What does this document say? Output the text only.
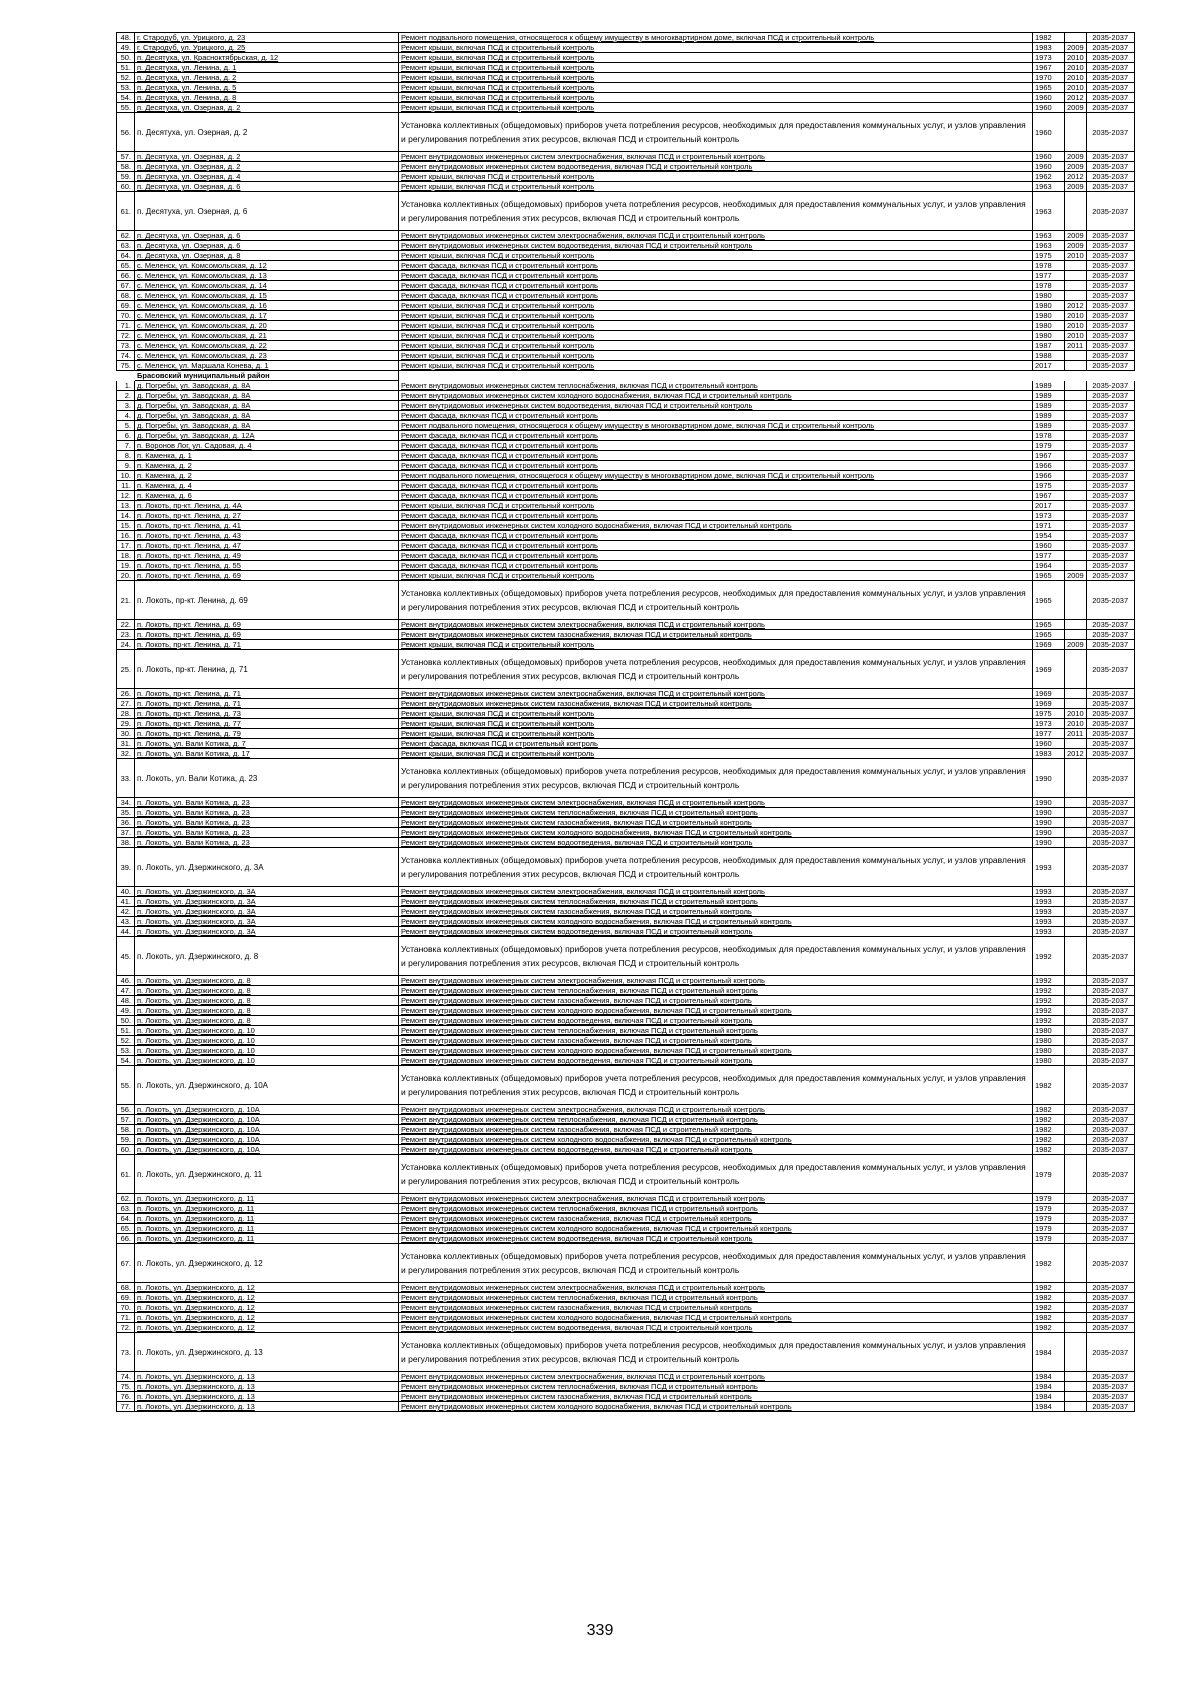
48.	г. Стародуб, ул. Урицкого, д. 23	Ремонт подвального помещения, относящегося к общему имуществу в многоквартирном доме, включая ПСД и строительный контроль	1982		2035-2037
49.	г. Стародуб, ул. Урицкого, д. 25	Ремонт крыши, включая ПСД и строительный контроль	1983	2009	2035-2037
50.	п. Десятуха, ул. Красноктябрьская, д. 12	Ремонт крыши, включая ПСД и строительный контроль	1973	2010	2035-2037
51.	п. Десятуха, ул. Ленина, д. 1	Ремонт крыши, включая ПСД и строительный контроль	1967	2010	2035-2037
52.	п. Десятуха, ул. Ленина, д. 2	Ремонт крыши, включая ПСД и строительный контроль	1970	2010	2035-2037
53.	п. Десятуха, ул. Ленина, д. 5	Ремонт крыши, включая ПСД и строительный контроль	1965	2010	2035-2037
54.	п. Десятуха, ул. Ленина, д. 8	Ремонт крыши, включая ПСД и строительный контроль	1960	2012	2035-2037
55.	п. Десятуха, ул. Озерная, д. 2	Ремонт крыши, включая ПСД и строительный контроль	1960	2009	2035-2037
56.	п. Десятуха, ул. Озерная, д. 2	Установка коллективных (общедомовых) приборов учета потребления ресурсов, необходимых для предоставления коммунальных услуг, и узлов управления и регулирования потребления этих ресурсов, включая ПСД и строительный контроль	1960		2035-2037
57.	п. Десятуха, ул. Озерная, д. 2	Ремонт внутридомовых инженерных систем электроснабжения, включая ПСД и строительный контроль	1960	2009	2035-2037
58.	п. Десятуха, ул. Озерная, д. 2	Ремонт внутридомовых инженерных систем водоотведения, включая ПСД и строительный контроль	1960	2009	2035-2037
59.	п. Десятуха, ул. Озерная, д. 4	Ремонт крыши, включая ПСД и строительный контроль	1962	2012	2035-2037
60.	п. Десятуха, ул. Озерная, д. 6	Ремонт крыши, включая ПСД и строительный контроль	1963	2009	2035-2037
61.	п. Десятуха, ул. Озерная, д. 6	Установка коллективных (общедомовых) приборов учета потребления ресурсов, необходимых для предоставления коммунальных услуг, и узлов управления и регулирования потребления этих ресурсов, включая ПСД и строительный контроль	1963		2035-2037
62.	п. Десятуха, ул. Озерная, д. 6	Ремонт внутридомовых инженерных систем электроснабжения, включая ПСД и строительный контроль	1963	2009	2035-2037
63.	п. Десятуха, ул. Озерная, д. 6	Ремонт внутридомовых инженерных систем водоотведения, включая ПСД и строительный контроль	1963	2009	2035-2037
64.	п. Десятуха, ул. Озерная, д. 8	Ремонт крыши, включая ПСД и строительный контроль	1975	2010	2035-2037
65.	с. Меленск, ул. Комсомольская, д. 12	Ремонт фасада, включая ПСД и строительный контроль	1978		2035-2037
66.	с. Меленск, ул. Комсомольская, д. 13	Ремонт фасада, включая ПСД и строительный контроль	1977		2035-2037
67.	с. Меленск, ул. Комсомольская, д. 14	Ремонт фасада, включая ПСД и строительный контроль	1978		2035-2037
68.	с. Меленск, ул. Комсомольская, д. 15	Ремонт фасада, включая ПСД и строительный контроль	1980		2035-2037
69.	с. Меленск, ул. Комсомольская, д. 16	Ремонт крыши, включая ПСД и строительный контроль	1980	2012	2035-2037
70.	с. Меленск, ул. Комсомольская, д. 17	Ремонт крыши, включая ПСД и строительный контроль	1980	2010	2035-2037
71.	с. Меленск, ул. Комсомольская, д. 20	Ремонт крыши, включая ПСД и строительный контроль	1980	2010	2035-2037
72.	с. Меленск, ул. Комсомольская, д. 21	Ремонт крыши, включая ПСД и строительный контроль	1980	2010	2035-2037
73.	с. Меленск, ул. Комсомольская, д. 22	Ремонт крыши, включая ПСД и строительный контроль	1987	2011	2035-2037
74.	с. Меленск, ул. Комсомольская, д. 23	Ремонт крыши, включая ПСД и строительный контроль	1988		2035-2037
75.	с. Меленск, ул. Маршала Конева, д. 1	Ремонт крыши, включая ПСД и строительный контроль	2017		2035-2037
	Брасовский муниципальный район				
1.	д. Погребы, ул. Заводская, д. 8А	Ремонт внутридомовых инженерных систем теплоснабжения, включая ПСД и строительный контроль	1989		2035-2037
2.	д. Погребы, ул. Заводская, д. 8А	Ремонт внутридомовых инженерных систем холодного водоснабжения, включая ПСД и строительный контроль	1989		2035-2037
3.	д. Погребы, ул. Заводская, д. 8А	Ремонт внутридомовых инженерных систем водоотведения, включая ПСД и строительный контроль	1989		2035-2037
4.	д. Погребы, ул. Заводская, д. 8А	Ремонт фасада, включая ПСД и строительный контроль	1989		2035-2037
5.	д. Погребы, ул. Заводская, д. 8А	Ремонт подвального помещения, относящегося к общему имуществу в многоквартирном доме, включая ПСД и строительный контроль	1989		2035-2037
6.	д. Погребы, ул. Заводская, д. 12А	Ремонт фасада, включая ПСД и строительный контроль	1978		2035-2037
7.	п. Воронов Лог, ул. Садовая, д. 4	Ремонт фасада, включая ПСД и строительный контроль	1979		2035-2037
8.	п. Каменка, д. 1	Ремонт фасада, включая ПСД и строительный контроль	1967		2035-2037
9.	п. Каменка, д. 2	Ремонт фасада, включая ПСД и строительный контроль	1966		2035-2037
10.	п. Каменка, д. 2	Ремонт подвального помещения, относящегося к общему имуществу в многоквартирном доме, включая ПСД и строительный контроль	1966		2035-2037
11.	п. Каменка, д. 4	Ремонт фасада, включая ПСД и строительный контроль	1975		2035-2037
12.	п. Каменка, д. 6	Ремонт фасада, включая ПСД и строительный контроль	1967		2035-2037
13.	п. Локоть, пр-кт. Ленина, д. 4А	Ремонт крыши, включая ПСД и строительный контроль	2017		2035-2037
14.	п. Локоть, пр-кт. Ленина, д. 27	Ремонт фасада, включая ПСД и строительный контроль	1973		2035-2037
15.	п. Локоть, пр-кт. Ленина, д. 41	Ремонт внутридомовых инженерных систем холодного водоснабжения, включая ПСД и строительный контроль	1971		2035-2037
16.	п. Локоть, пр-кт. Ленина, д. 43	Ремонт фасада, включая ПСД и строительный контроль	1954		2035-2037
17.	п. Локоть, пр-кт. Ленина, д. 47	Ремонт фасада, включая ПСД и строительный контроль	1960		2035-2037
18.	п. Локоть, пр-кт. Ленина, д. 49	Ремонт фасада, включая ПСД и строительный контроль	1977		2035-2037
19.	п. Локоть, пр-кт. Ленина, д. 55	Ремонт фасада, включая ПСД и строительный контроль	1964		2035-2037
20.	п. Локоть, пр-кт. Ленина, д. 69	Ремонт крыши, включая ПСД и строительный контроль	1965	2009	2035-2037
21.	п. Локоть, пр-кт. Ленина, д. 69	Установка коллективных (общедомовых) приборов учета потребления ресурсов, необходимых для предоставления коммунальных услуг, и узлов управления и регулирования потребления этих ресурсов, включая ПСД и строительный контроль	1965		2035-2037
22.	п. Локоть, пр-кт. Ленина, д. 69	Ремонт внутридомовых инженерных систем электроснабжения, включая ПСД и строительный контроль	1965		2035-2037
23.	п. Локоть, пр-кт. Ленина, д. 69	Ремонт внутридомовых инженерных систем газоснабжения, включая ПСД и строительный контроль	1965		2035-2037
24.	п. Локоть, пр-кт. Ленина, д. 71	Ремонт крыши, включая ПСД и строительный контроль	1969	2009	2035-2037
25.	п. Локоть, пр-кт. Ленина, д. 71	Установка коллективных (общедомовых) приборов учета потребления ресурсов, необходимых для предоставления коммунальных услуг, и узлов управления и регулирования потребления этих ресурсов, включая ПСД и строительный контроль	1969		2035-2037
26.	п. Локоть, пр-кт. Ленина, д. 71	Ремонт внутридомовых инженерных систем электроснабжения, включая ПСД и строительный контроль	1969		2035-2037
27.	п. Локоть, пр-кт. Ленина, д. 71	Ремонт внутридомовых инженерных систем газоснабжения, включая ПСД и строительный контроль	1969		2035-2037
28.	п. Локоть, пр-кт. Ленина, д. 73	Ремонт крыши, включая ПСД и строительный контроль	1975	2010	2035-2037
29.	п. Локоть, пр-кт. Ленина, д. 77	Ремонт крыши, включая ПСД и строительный контроль	1973	2010	2035-2037
30.	п. Локоть, пр-кт. Ленина, д. 79	Ремонт крыши, включая ПСД и строительный контроль	1977	2011	2035-2037
31.	п. Локоть, ул. Вали Котика, д. 7	Ремонт фасада, включая ПСД и строительный контроль	1960		2035-2037
32.	п. Локоть, ул. Вали Котика, д. 17	Ремонт крыши, включая ПСД и строительный контроль	1983	2012	2035-2037
33.	п. Локоть, ул. Вали Котика, д. 23	Установка коллективных (общедомовых) приборов учета потребления ресурсов, необходимых для предоставления коммунальных услуг, и узлов управления и регулирования потребления этих ресурсов, включая ПСД и строительный контроль	1990		2035-2037
34.	п. Локоть, ул. Вали Котика, д. 23	Ремонт внутридомовых инженерных систем электроснабжения, включая ПСД и строительный контроль	1990		2035-2037
35.	п. Локоть, ул. Вали Котика, д. 23	Ремонт внутридомовых инженерных систем теплоснабжения, включая ПСД и строительный контроль	1990		2035-2037
36.	п. Локоть, ул. Вали Котика, д. 23	Ремонт внутридомовых инженерных систем газоснабжения, включая ПСД и строительный контроль	1990		2035-2037
37.	п. Локоть, ул. Вали Котика, д. 23	Ремонт внутридомовых инженерных систем холодного водоснабжения, включая ПСД и строительный контроль	1990		2035-2037
38.	п. Локоть, ул. Вали Котика, д. 23	Ремонт внутридомовых инженерных систем водоотведения, включая ПСД и строительный контроль	1990		2035-2037
39.	п. Локоть, ул. Дзержинского, д. 3А	Установка коллективных (общедомовых) приборов учета потребления ресурсов, необходимых для предоставления коммунальных услуг, и узлов управления и регулирования потребления этих ресурсов, включая ПСД и строительный контроль	1993		2035-2037
40.	п. Локоть, ул. Дзержинского, д. 3А	Ремонт внутридомовых инженерных систем электроснабжения, включая ПСД и строительный контроль	1993		2035-2037
41.	п. Локоть, ул. Дзержинского, д. 3А	Ремонт внутридомовых инженерных систем теплоснабжения, включая ПСД и строительный контроль	1993		2035-2037
42.	п. Локоть, ул. Дзержинского, д. 3А	Ремонт внутридомовых инженерных систем газоснабжения, включая ПСД и строительный контроль	1993		2035-2037
43.	п. Локоть, ул. Дзержинского, д. 3А	Ремонт внутридомовых инженерных систем холодного водоснабжения, включая ПСД и строительный контроль	1993		2035-2037
44.	п. Локоть, ул. Дзержинского, д. 3А	Ремонт внутридомовых инженерных систем водоотведения, включая ПСД и строительный контроль	1993		2035-2037
45.	п. Локоть, ул. Дзержинского, д. 8	Установка коллективных (общедомовых) приборов учета потребления ресурсов, необходимых для предоставления коммунальных услуг, и узлов управления и регулирования потребления этих ресурсов, включая ПСД и строительный контроль	1992		2035-2037
46.	п. Локоть, ул. Дзержинского, д. 8	Ремонт внутридомовых инженерных систем электроснабжения, включая ПСД и строительный контроль	1992		2035-2037
47.	п. Локоть, ул. Дзержинского, д. 8	Ремонт внутридомовых инженерных систем теплоснабжения, включая ПСД и строительный контроль	1992		2035-2037
48.	п. Локоть, ул. Дзержинского, д. 8	Ремонт внутридомовых инженерных систем газоснабжения, включая ПСД и строительный контроль	1992		2035-2037
49.	п. Локоть, ул. Дзержинского, д. 8	Ремонт внутридомовых инженерных систем холодного водоснабжения, включая ПСД и строительный контроль	1992		2035-2037
50.	п. Локоть, ул. Дзержинского, д. 8	Ремонт внутридомовых инженерных систем водоотведения, включая ПСД и строительный контроль	1992		2035-2037
51.	п. Локоть, ул. Дзержинского, д. 10	Ремонт внутридомовых инженерных систем теплоснабжения, включая ПСД и строительный контроль	1980		2035-2037
52.	п. Локоть, ул. Дзержинского, д. 10	Ремонт внутридомовых инженерных систем газоснабжения, включая ПСД и строительный контроль	1980		2035-2037
53.	п. Локоть, ул. Дзержинского, д. 10	Ремонт внутридомовых инженерных систем холодного водоснабжения, включая ПСД и строительный контроль	1980		2035-2037
54.	п. Локоть, ул. Дзержинского, д. 10	Ремонт внутридомовых инженерных систем водоотведения, включая ПСД и строительный контроль	1980		2035-2037
55.	п. Локоть, ул. Дзержинского, д. 10А	Установка коллективных (общедомовых) приборов учета потребления ресурсов, необходимых для предоставления коммунальных услуг, и узлов управления и регулирования потребления этих ресурсов, включая ПСД и строительный контроль	1982		2035-2037
56.	п. Локоть, ул. Дзержинского, д. 10А	Ремонт внутридомовых инженерных систем электроснабжения, включая ПСД и строительный контроль	1982		2035-2037
57.	п. Локоть, ул. Дзержинского, д. 10А	Ремонт внутридомовых инженерных систем теплоснабжения, включая ПСД и строительный контроль	1982		2035-2037
58.	п. Локоть, ул. Дзержинского, д. 10А	Ремонт внутридомовых инженерных систем газоснабжения, включая ПСД и строительный контроль	1982		2035-2037
59.	п. Локоть, ул. Дзержинского, д. 10А	Ремонт внутридомовых инженерных систем холодного водоснабжения, включая ПСД и строительный контроль	1982		2035-2037
60.	п. Локоть, ул. Дзержинского, д. 10А	Ремонт внутридомовых инженерных систем водоотведения, включая ПСД и строительный контроль	1982		2035-2037
61.	п. Локоть, ул. Дзержинского, д. 11	Установка коллективных (общедомовых) приборов учета потребления ресурсов, необходимых для предоставления коммунальных услуг, и узлов управления и регулирования потребления этих ресурсов, включая ПСД и строительный контроль	1979		2035-2037
62.	п. Локоть, ул. Дзержинского, д. 11	Ремонт внутридомовых инженерных систем электроснабжения, включая ПСД и строительный контроль	1979		2035-2037
63.	п. Локоть, ул. Дзержинского, д. 11	Ремонт внутридомовых инженерных систем теплоснабжения, включая ПСД и строительный контроль	1979		2035-2037
64.	п. Локоть, ул. Дзержинского, д. 11	Ремонт внутридомовых инженерных систем газоснабжения, включая ПСД и строительный контроль	1979		2035-2037
65.	п. Локоть, ул. Дзержинского, д. 11	Ремонт внутридомовых инженерных систем холодного водоснабжения, включая ПСД и строительный контроль	1979		2035-2037
66.	п. Локоть, ул. Дзержинского, д. 11	Ремонт внутридомовых инженерных систем водоотведения, включая ПСД и строительный контроль	1979		2035-2037
67.	п. Локоть, ул. Дзержинского, д. 12	Установка коллективных (общедомовых) приборов учета потребления ресурсов, необходимых для предоставления коммунальных услуг, и узлов управления и регулирования потребления этих ресурсов, включая ПСД и строительный контроль	1982		2035-2037
68.	п. Локоть, ул. Дзержинского, д. 12	Ремонт внутридомовых инженерных систем электроснабжения, включая ПСД и строительный контроль	1982		2035-2037
69.	п. Локоть, ул. Дзержинского, д. 12	Ремонт внутридомовых инженерных систем теплоснабжения, включая ПСД и строительный контроль	1982		2035-2037
70.	п. Локоть, ул. Дзержинского, д. 12	Ремонт внутридомовых инженерных систем газоснабжения, включая ПСД и строительный контроль	1982		2035-2037
71.	п. Локоть, ул. Дзержинского, д. 12	Ремонт внутридомовых инженерных систем холодного водоснабжения, включая ПСД и строительный контроль	1982		2035-2037
72.	п. Локоть, ул. Дзержинского, д. 12	Ремонт внутридомовых инженерных систем водоотведения, включая ПСД и строительный контроль	1982		2035-2037
73.	п. Локоть, ул. Дзержинского, д. 13	Установка коллективных (общедомовых) приборов учета потребления ресурсов, необходимых для предоставления коммунальных услуг, и узлов управления и регулирования потребления этих ресурсов, включая ПСД и строительный контроль	1984		2035-2037
74.	п. Локоть, ул. Дзержинского, д. 13	Ремонт внутридомовых инженерных систем электроснабжения, включая ПСД и строительный контроль	1984		2035-2037
75.	п. Локоть, ул. Дзержинского, д. 13	Ремонт внутридомовых инженерных систем теплоснабжения, включая ПСД и строительный контроль	1984		2035-2037
76.	п. Локоть, ул. Дзержинского, д. 13	Ремонт внутридомовых инженерных систем газоснабжения, включая ПСД и строительный контроль	1984		2035-2037
77.	п. Локоть, ул. Дзержинского, д. 13	Ремонт внутридомовых инженерных систем холодного водоснабжения, включая ПСД и строительный контроль	1984		2035-2037
339
